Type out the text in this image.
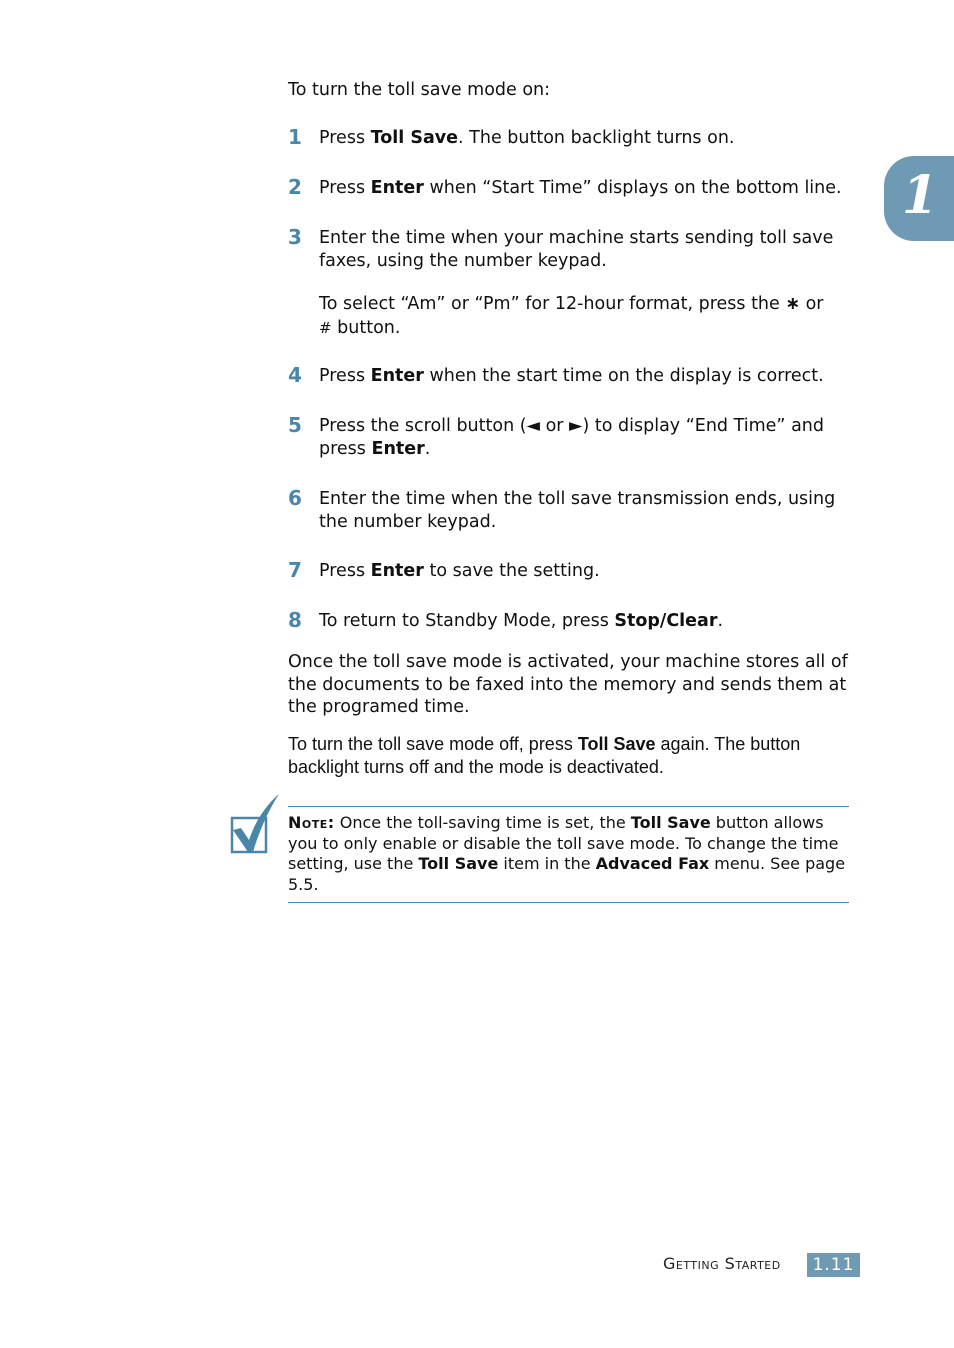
1
To turn the toll save mode on:
1 Press Toll Save. The button backlight turns on.
2 Press Enter when “Start Time” displays on the bottom line.
3 Enter the time when your machine starts sending toll save faxes, using the number keypad.
To select “Am” or “Pm” for 12-hour format, press the ∗ or
# button.
4 Press Enter when the start time on the display is correct.
5 Press the scroll button (◄ or ►) to display “End Time” and press Enter.
6 Enter the time when the toll save transmission ends, using the number keypad.
7 Press Enter to save the setting.
8 To return to Standby Mode, press Stop/Clear.
Once the toll save mode is activated, your machine stores all of the documents to be faxed into the memory and sends them at the programed time.
To turn the toll save mode off, press Toll Save again. The button backlight turns off and the mode is deactivated.
Note: Once the toll-saving time is set, the Toll Save button allows you to only enable or disable the toll save mode. To change the time setting, use the Toll Save item in the Advaced Fax menu. See page 5.5.
Getting Started	1.11
